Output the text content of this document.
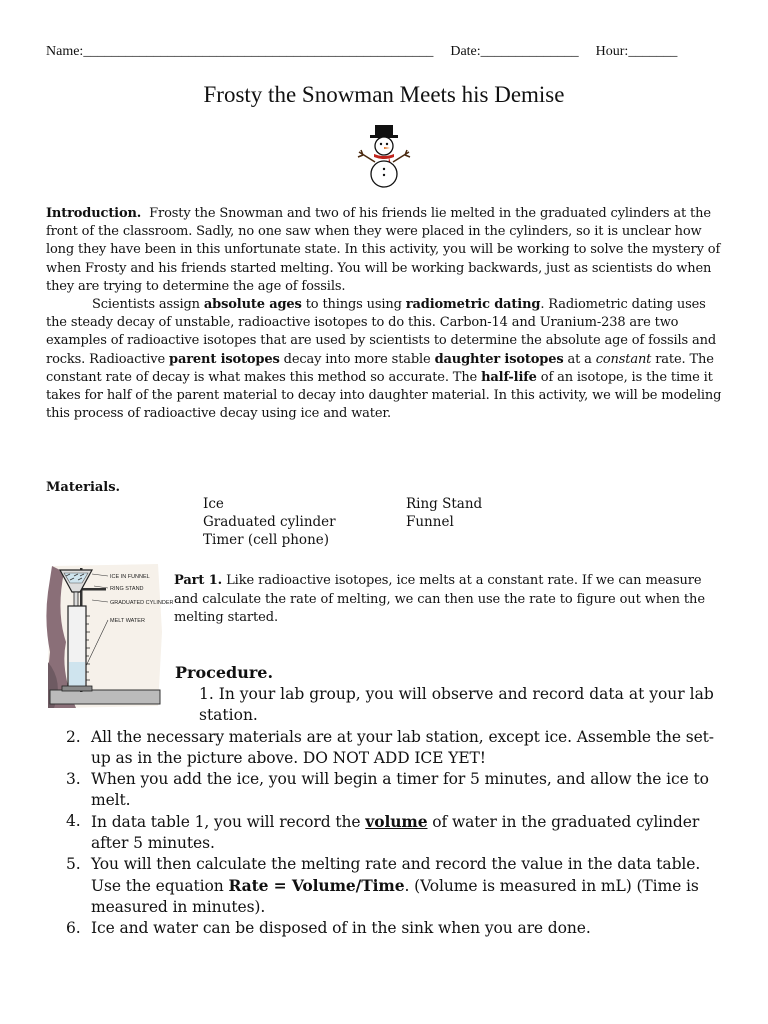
Name:__________________________________________________ Date:______________ Hour:_______
Frosty the Snowman Meets his Demise

Introduction. Frosty the Snowman and two of his friends lie melted in the graduated cylinders at the front of the classroom. Sadly, no one saw when they were placed in the cylinders, so it is unclear how long they have been in this unfortunate state. In this activity, you will be working to solve the mystery of when Frosty and his friends started melting. You will be working backwards, just as scientists do when they are trying to determine the age of fossils.

Scientists assign absolute ages to things using radiometric dating. Radiometric dating uses the steady decay of unstable, radioactive isotopes to do this. Carbon-14 and Uranium-238 are two examples of radioactive isotopes that are used by scientists to determine the absolute age of fossils and rocks. Radioactive parent isotopes decay into more stable daughter isotopes at a constant rate. The constant rate of decay is what makes this method so accurate. The half-life of an isotope, is the time it takes for half of the parent material to decay into daughter material. In this activity, we will be modeling this process of radioactive decay using ice and water.

Materials.
Ice
Graduated cylinder
Timer (cell phone)
Ring Stand
Funnel
ICE IN FUNNEL
RING STAND
GRADUATED CYLINDER
MELT WATER
Part 1. Like radioactive isotopes, ice melts at a constant rate. If we can measure and calculate the rate of melting, we can then use the rate to figure out when the melting started.
Procedure.
1. In your lab group, you will observe and record data at your lab station.
2. All the necessary materials are at your lab station, except ice. Assemble the set-up as in the picture above. DO NOT ADD ICE YET!
3. When you add the ice, you will begin a timer for 5 minutes, and allow the ice to melt.
4. In data table 1, you will record the volume of water in the graduated cylinder after 5 minutes.
5. You will then calculate the melting rate and record the value in the data table. Use the equation Rate = Volume/Time. (Volume is measured in mL) (Time is measured in minutes).
6. Ice and water can be disposed of in the sink when you are done.
